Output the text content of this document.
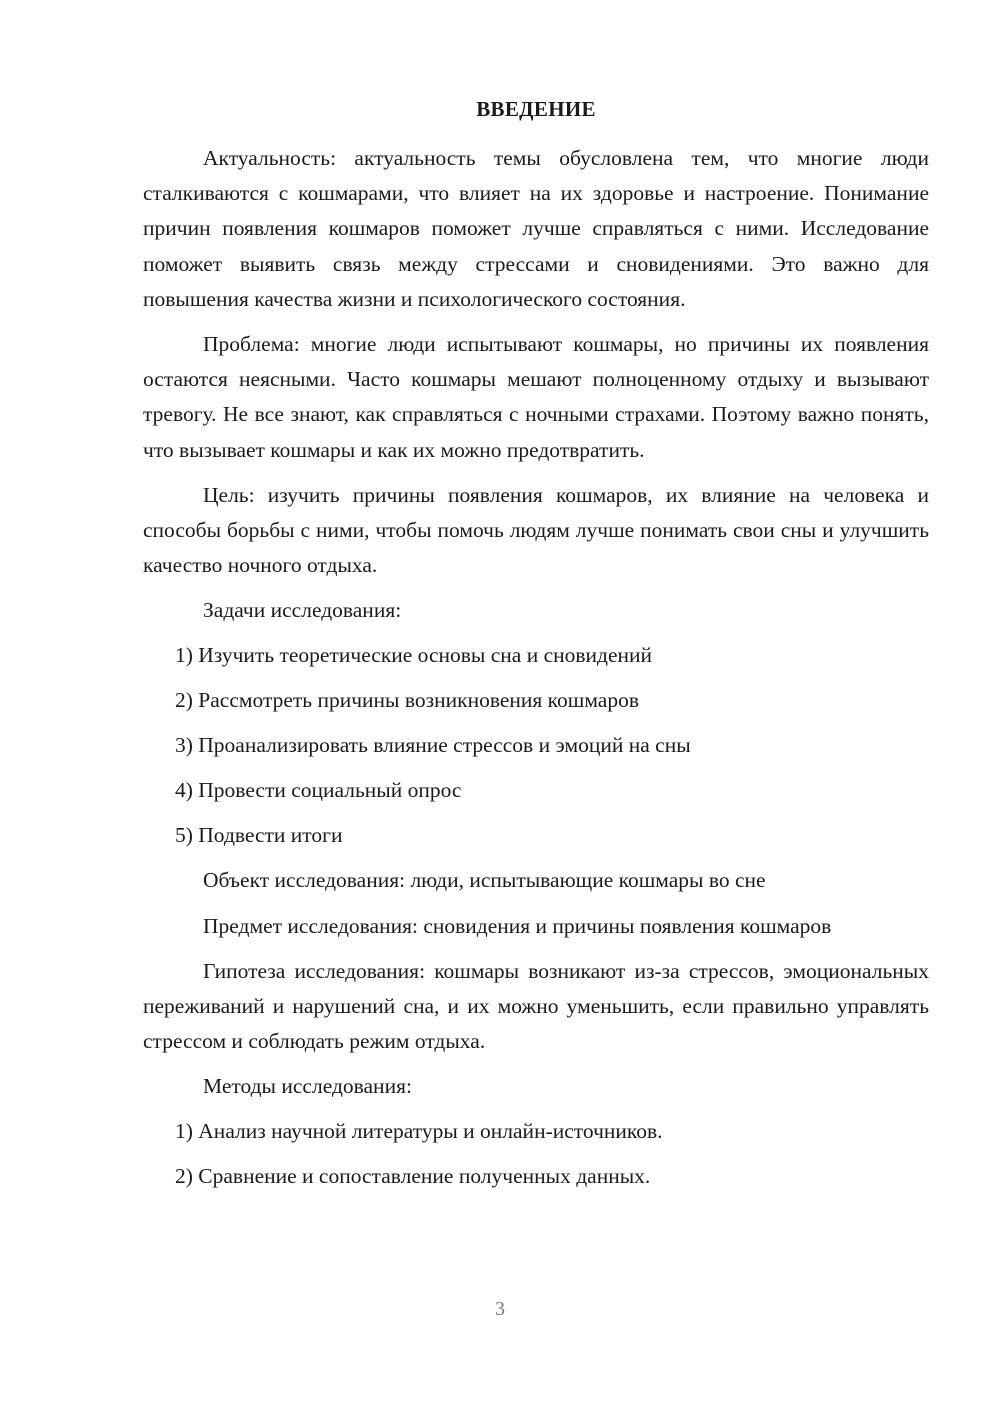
ВВЕДЕНИЕ

Актуальность: актуальность темы обусловлена тем, что многие люди сталкиваются с кошмарами, что влияет на их здоровье и настроение. Понимание причин появления кошмаров поможет лучше справляться с ними. Исследование поможет выявить связь между стрессами и сновидениями. Это важно для повышения качества жизни и психологического состояния.

Проблема: многие люди испытывают кошмары, но причины их появления остаются неясными. Часто кошмары мешают полноценному отдыху и вызывают тревогу. Не все знают, как справляться с ночными страхами. Поэтому важно понять, что вызывает кошмары и как их можно предотвратить.

Цель: изучить причины появления кошмаров, их влияние на человека и способы борьбы с ними, чтобы помочь людям лучше понимать свои сны и улучшить качество ночного отдыха.

Задачи исследования:
1) Изучить теоретические основы сна и сновидений
2) Рассмотреть причины возникновения кошмаров
3) Проанализировать влияние стрессов и эмоций на сны
4) Провести социальный опрос
5) Подвести итоги

Объект исследования: люди, испытывающие кошмары во сне

Предмет исследования: сновидения и причины появления кошмаров

Гипотеза исследования: кошмары возникают из-за стрессов, эмоциональных переживаний и нарушений сна, и их можно уменьшить, если правильно управлять стрессом и соблюдать режим отдыха.

Методы исследования:
1) Анализ научной литературы и онлайн-источников.
2) Сравнение и сопоставление полученных данных.
3
